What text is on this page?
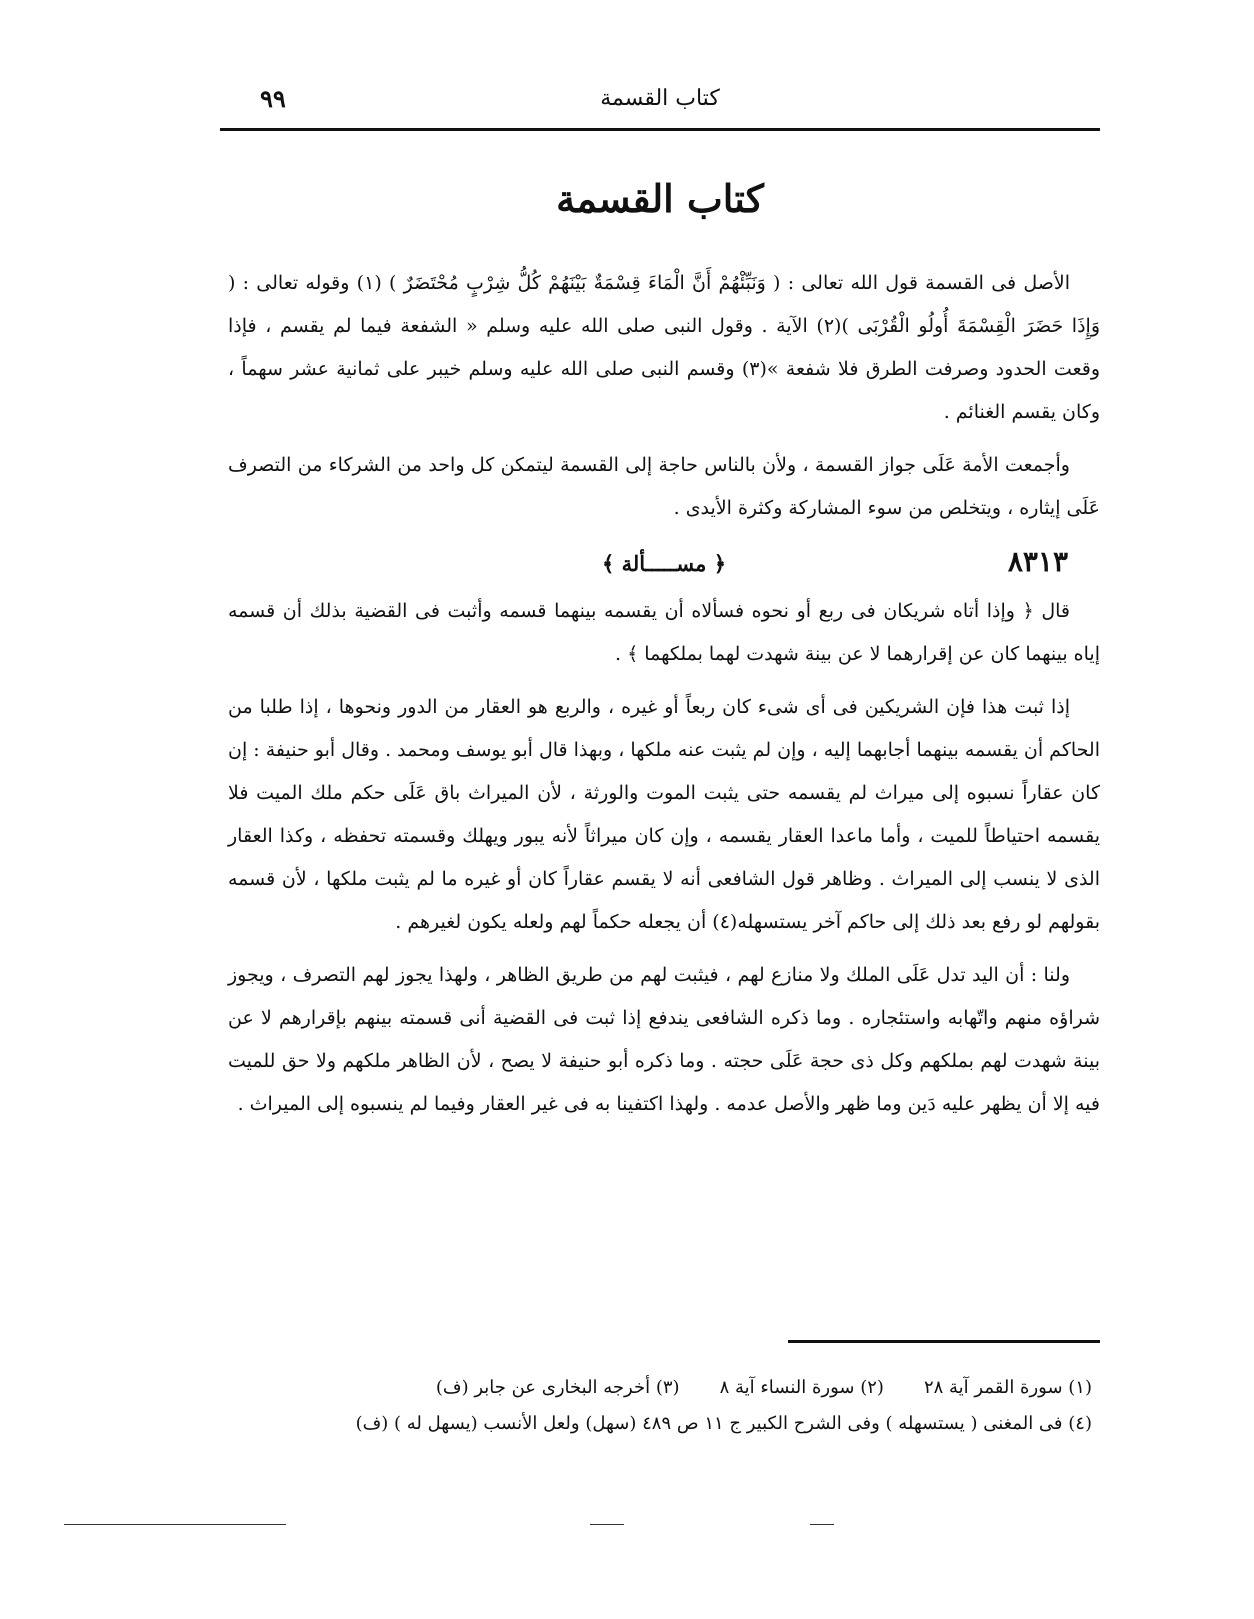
كتاب القسمة
٩٩
كتاب القسمة

الأصل فى القسمة قول الله تعالى : ( وَنَبِّئْهُمْ أَنَّ الْمَاءَ قِسْمَةٌ بَيْنَهُمْ كُلُّ شِرْبٍ مُحْتَضَرٌ ) (١) وقوله تعالى : ( وَإِذَا حَضَرَ الْقِسْمَةَ أُولُو الْقُرْبَى )(٢) الآية . وقول النبى صلى الله عليه وسلم « الشفعة فيما لم يقسم ، فإذا وقعت الحدود وصرفت الطرق فلا شفعة »(٣) وقسم النبى صلى الله عليه وسلم خيبر على ثمانية عشر سهماً ، وكان يقسم الغنائم .

وأجمعت الأمة عَلَى جواز القسمة ، ولأن بالناس حاجة إلى القسمة ليتمكن كل واحد من الشركاء من التصرف عَلَى إيثاره ، ويتخلص من سوء المشاركة وكثرة الأيدى .

٨٣١٣
﴿ مســـــألة ﴾

قال ﴿ وإذا أتاه شريكان فى ربع أو نحوه فسألاه أن يقسمه بينهما قسمه وأثبت فى القضية بذلك أن قسمه إياه بينهما كان عن إقرارهما لا عن بينة شهدت لهما بملكهما ﴾ .

إذا ثبت هذا فإن الشريكين فى أى شىء كان ربعاً أو غيره ، والربع هو العقار من الدور ونحوها ، إذا طلبا من الحاكم أن يقسمه بينهما أجابهما إليه ، وإن لم يثبت عنه ملكها ، وبهذا قال أبو يوسف ومحمد . وقال أبو حنيفة : إن كان عقاراً نسبوه إلى ميراث لم يقسمه حتى يثبت الموت والورثة ، لأن الميراث باق عَلَى حكم ملك الميت فلا يقسمه احتياطاً للميت ، وأما ماعدا العقار يقسمه ، وإن كان ميراثاً لأنه يبور ويهلك وقسمته تحفظه ، وكذا العقار الذى لا ينسب إلى الميراث . وظاهر قول الشافعى أنه لا يقسم عقاراً كان أو غيره ما لم يثبت ملكها ، لأن قسمه بقولهم لو رفع بعد ذلك إلى حاكم آخر يستسهله(٤) أن يجعله حكماً لهم ولعله يكون لغيرهم .

ولنا : أن اليد تدل عَلَى الملك ولا منازع لهم ، فيثبت لهم من طريق الظاهر ، ولهذا يجوز لهم التصرف ، ويجوز شراؤه منهم واتّهابه واستئجاره . وما ذكره الشافعى يندفع إذا ثبت فى القضية أنى قسمته بينهم بإقرارهم لا عن بينة شهدت لهم بملكهم وكل ذى حجة عَلَى حجته . وما ذكره أبو حنيفة لا يصح ، لأن الظاهر ملكهم ولا حق للميت فيه إلا أن يظهر عليه دَين وما ظهر والأصل عدمه . ولهذا اكتفينا به فى غير العقار وفيما لم ينسبوه إلى الميراث .

(١) سورة القمر آية ٢٨
(٢) سورة النساء آية ٨
(٣) أخرجه البخارى عن جابر (ف)
(٤) فى المغنى ( يستسهله ) وفى الشرح الكبير ج ١١ ص ٤٨٩ (سهل) ولعل الأنسب (يسهل له ) (ف)
